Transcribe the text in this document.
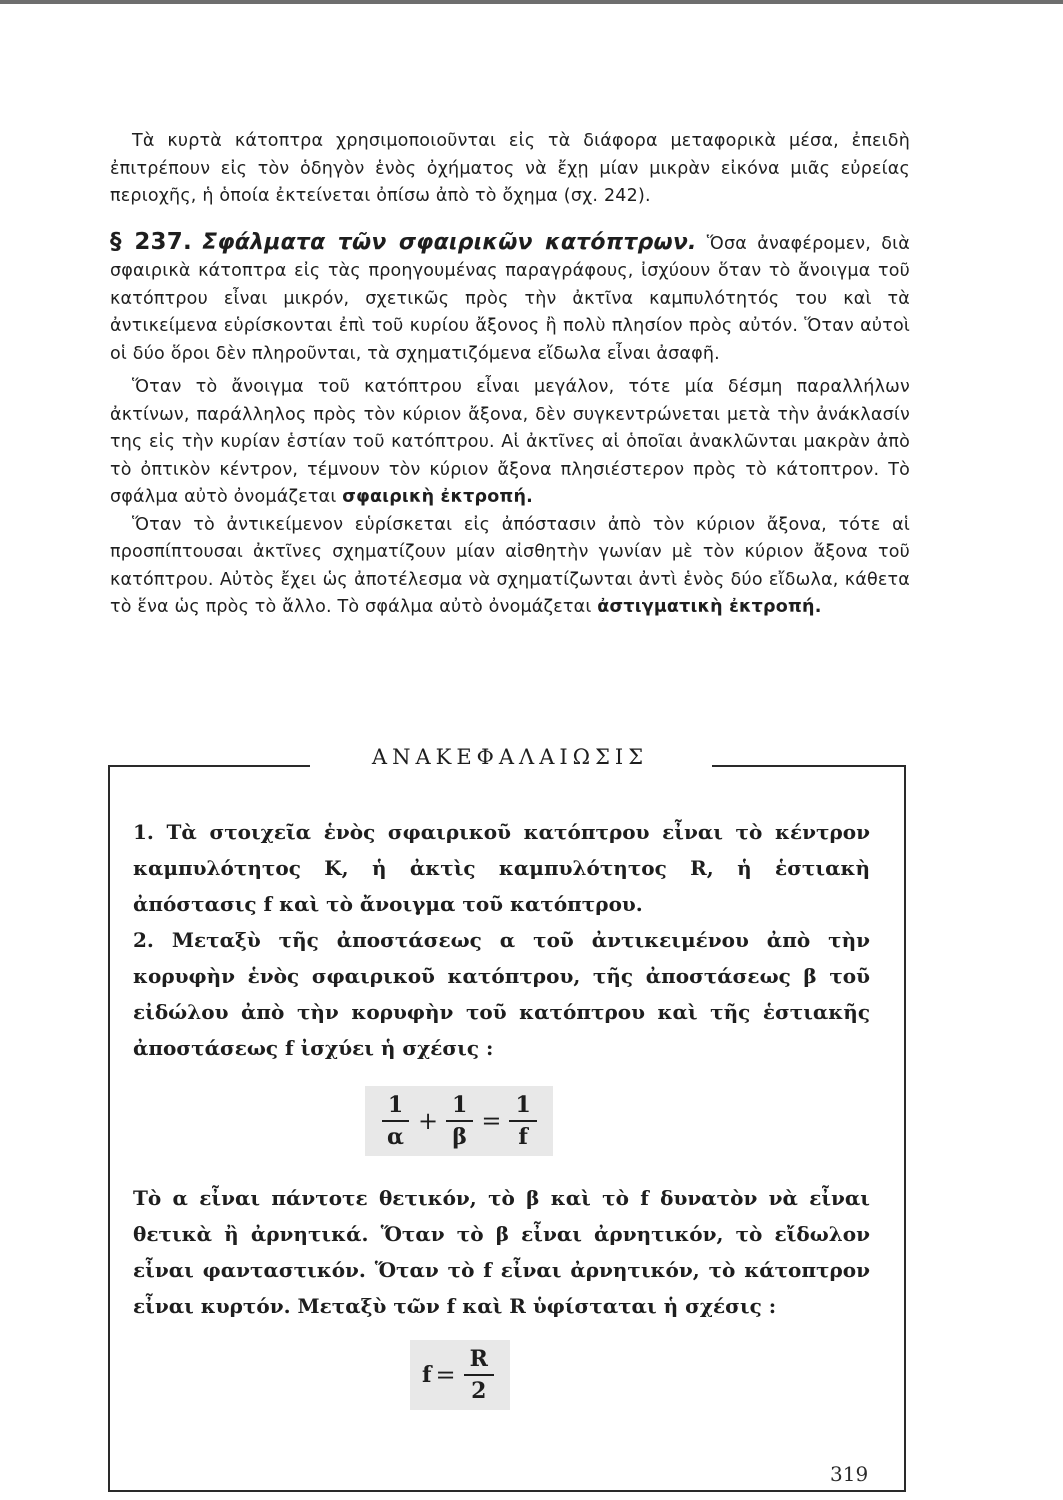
Τὰ κυρτὰ κάτοπτρα χρησιμοποιοῦνται εἰς τὰ διάφορα μεταφορικὰ μέσα, ἐπειδὴ ἐπιτρέπουν εἰς τὸν ὁδηγὸν ἑνὸς ὀχήματος νὰ ἔχῃ μίαν μικρὰν εἰκόνα μιᾶς εὐρείας περιοχῆς, ἡ ὁποία ἐκτείνεται ὀπίσω ἀπὸ τὸ ὄχημα (σχ. 242).

§ 237. Σφάλματα τῶν σφαιρικῶν κατόπτρων. Ὅσα ἀναφέρομεν, διὰ σφαιρικὰ κάτοπτρα εἰς τὰς προηγουμένας παραγράφους, ἰσχύουν ὅταν τὸ ἄνοιγμα τοῦ κατόπτρου εἶναι μικρόν, σχετικῶς πρὸς τὴν ἀκτῖνα καμπυλότητός του καὶ τὰ ἀντικείμενα εὑρίσκονται ἐπὶ τοῦ κυρίου ἄξονος ἢ πολὺ πλησίον πρὸς αὐτόν. Ὅταν αὐτοὶ οἱ δύο ὅροι δὲν πληροῦνται, τὰ σχηματιζόμενα εἴδωλα εἶναι ἀσαφῆ.

Ὅταν τὸ ἄνοιγμα τοῦ κατόπτρου εἶναι μεγάλον, τότε μία δέσμη παραλλήλων ἀκτίνων, παράλληλος πρὸς τὸν κύριον ἄξονα, δὲν συγκεντρώνεται μετὰ τὴν ἀνάκλασίν της εἰς τὴν κυρίαν ἑστίαν τοῦ κατόπτρου. Αἱ ἀκτῖνες αἱ ὁποῖαι ἀνακλῶνται μακρὰν ἀπὸ τὸ ὀπτικὸν κέντρον, τέμνουν τὸν κύριον ἄξονα πλησιέστερον πρὸς τὸ κάτοπτρον. Τὸ σφάλμα αὐτὸ ὀνομάζεται σφαιρικὴ ἐκτροπή.

Ὅταν τὸ ἀντικείμενον εὑρίσκεται εἰς ἀπόστασιν ἀπὸ τὸν κύριον ἄξονα, τότε αἱ προσπίπτουσαι ἀκτῖνες σχηματίζουν μίαν αἰσθητὴν γωνίαν μὲ τὸν κύριον ἄξονα τοῦ κατόπτρου. Αὐτὸς ἔχει ὡς ἀποτέλεσμα νὰ σχηματίζωνται ἀντὶ ἑνὸς δύο εἴδωλα, κάθετα τὸ ἕνα ὡς πρὸς τὸ ἄλλο. Τὸ σφάλμα αὐτὸ ὀνομάζεται ἀστιγματικὴ ἐκτροπή.

ΑΝΑΚΕΦΑΛΑΙΩΣΙΣ

1. Τὰ στοιχεῖα ἑνὸς σφαιρικοῦ κατόπτρου εἶναι τὸ κέντρον καμπυλότητος K, ἡ ἀκτὶς καμπυλότητος R, ἡ ἑστιακὴ ἀπόστασις f καὶ τὸ ἄνοιγμα τοῦ κατόπτρου.

2. Μεταξὺ τῆς ἀποστάσεως α τοῦ ἀντικειμένου ἀπὸ τὴν κορυφὴν ἑνὸς σφαιρικοῦ κατόπτρου, τῆς ἀποστάσεως β τοῦ εἰδώλου ἀπὸ τὴν κορυφὴν τοῦ κατόπτρου καὶ τῆς ἑστιακῆς ἀποστάσεως f ἰσχύει ἡ σχέσις :

$\frac{1}{\alpha} + \frac{1}{\beta} = \frac{1}{f}$

Τὸ α εἶναι πάντοτε θετικόν, τὸ β καὶ τὸ f δυνατὸν νὰ εἶναι θετικὰ ἢ ἀρνητικά. Ὅταν τὸ β εἶναι ἀρνητικόν, τὸ εἴδωλον εἶναι φανταστικόν. Ὅταν τὸ f εἶναι ἀρνητικόν, τὸ κάτοπτρον εἶναι κυρτόν. Μεταξὺ τῶν f καὶ R ὑφίσταται ἡ σχέσις :

$f = \frac{R}{2}$
319
